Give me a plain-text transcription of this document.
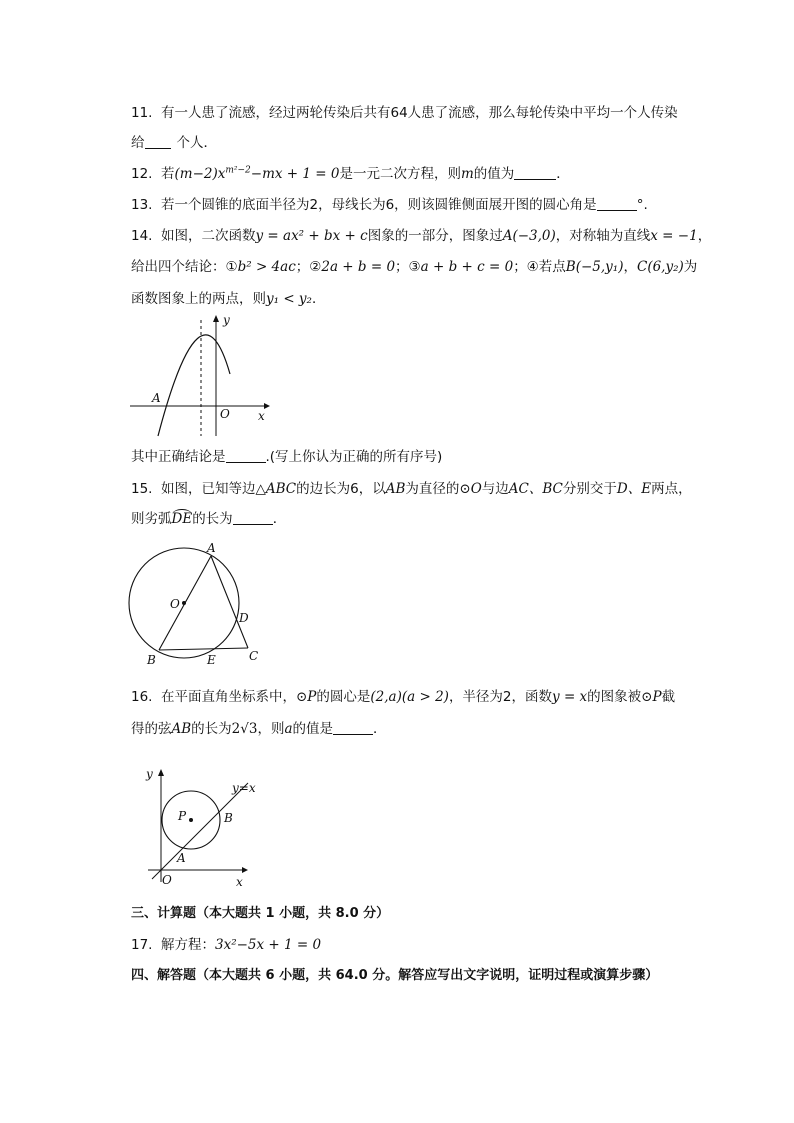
11. 有一人患了流感，经过两轮传染后共有64人患了流感，那么每轮传染中平均一个人传染
给 个人．
12. 若$(m-2)x^{m^2-2}-mx + 1 = 0$是一元二次方程，则m的值为	．
13. 若一个圆锥的底面半径为2，母线长为6，则该圆锥侧面展开图的圆心角是	°.
14. 如图，二次函数y = ax² + bx + c图象的一部分，图象过A(−3,0)，对称轴为直线x = −1，
给出四个结论：①b² > 4ac；②2a + b = 0；③a + b + c = 0；④若点B(−5,y₁)，C(6,y₂)为
函数图象上的两点，则y₁ < y₂．
y
x
O
A
其中正确结论是	.(写上你认为正确的所有序号)
15. 如图，已知等边△ABC的边长为6，以AB为直径的⊙O与边AC、BC分别交于D、E两点，
则劣弧DE的长为	．
A
B	C
D
E
O
16. 在平面直角坐标系中，⊙P的圆心是(2,a)(a > 2)，半径为2，函数y = x的图象被⊙P截
得的弦AB的长为2√3，则a的值是	．
y
x
O
P
A
B
y=x
三、计算题（本大题共 1 小题，共 8.0 分）
17. 解方程：3x²−5x + 1 = 0
四、解答题（本大题共 6 小题，共 64.0 分。解答应写出文字说明，证明过程或演算步骤）
